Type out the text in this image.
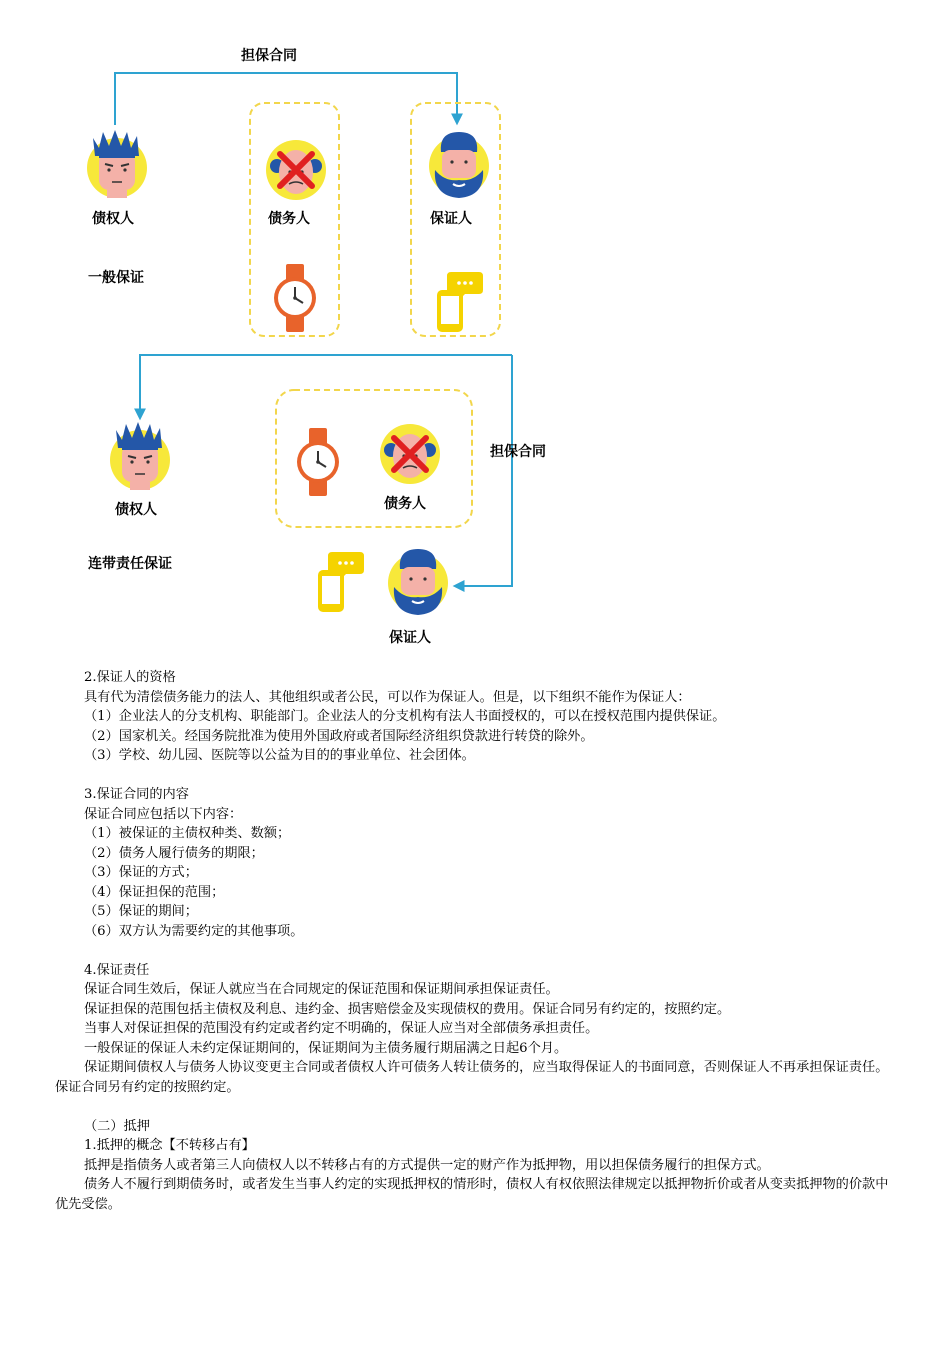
担保合同
债权人	债务人	保证人
一般保证
担保合同
债权人	债务人
连带责任保证
保证人

2.保证人的资格

具有代为清偿债务能力的法人、其他组织或者公民，可以作为保证人。但是，以下组织不能作为保证人：

（1）企业法人的分支机构、职能部门。企业法人的分支机构有法人书面授权的，可以在授权范围内提供保证。

（2）国家机关。经国务院批准为使用外国政府或者国际经济组织贷款进行转贷的除外。

（3）学校、幼儿园、医院等以公益为目的的事业单位、社会团体。

3.保证合同的内容

保证合同应包括以下内容：

（1）被保证的主债权种类、数额；

（2）债务人履行债务的期限；

（3）保证的方式；

（4）保证担保的范围；

（5）保证的期间；

（6）双方认为需要约定的其他事项。

4.保证责任

保证合同生效后，保证人就应当在合同规定的保证范围和保证期间承担保证责任。

保证担保的范围包括主债权及利息、违约金、损害赔偿金及实现债权的费用。保证合同另有约定的，按照约定。

当事人对保证担保的范围没有约定或者约定不明确的，保证人应当对全部债务承担责任。

一般保证的保证人未约定保证期间的，保证期间为主债务履行期届满之日起6个月。

保证期间债权人与债务人协议变更主合同或者债权人许可债务人转让债务的，应当取得保证人的书面同意，否则保证人不再承担保证责任。保证合同另有约定的按照约定。

（二）抵押

1.抵押的概念【不转移占有】

抵押是指债务人或者第三人向债权人以不转移占有的方式提供一定的财产作为抵押物，用以担保债务履行的担保方式。

债务人不履行到期债务时，或者发生当事人约定的实现抵押权的情形时，债权人有权依照法律规定以抵押物折价或者从变卖抵押物的价款中优先受偿。
